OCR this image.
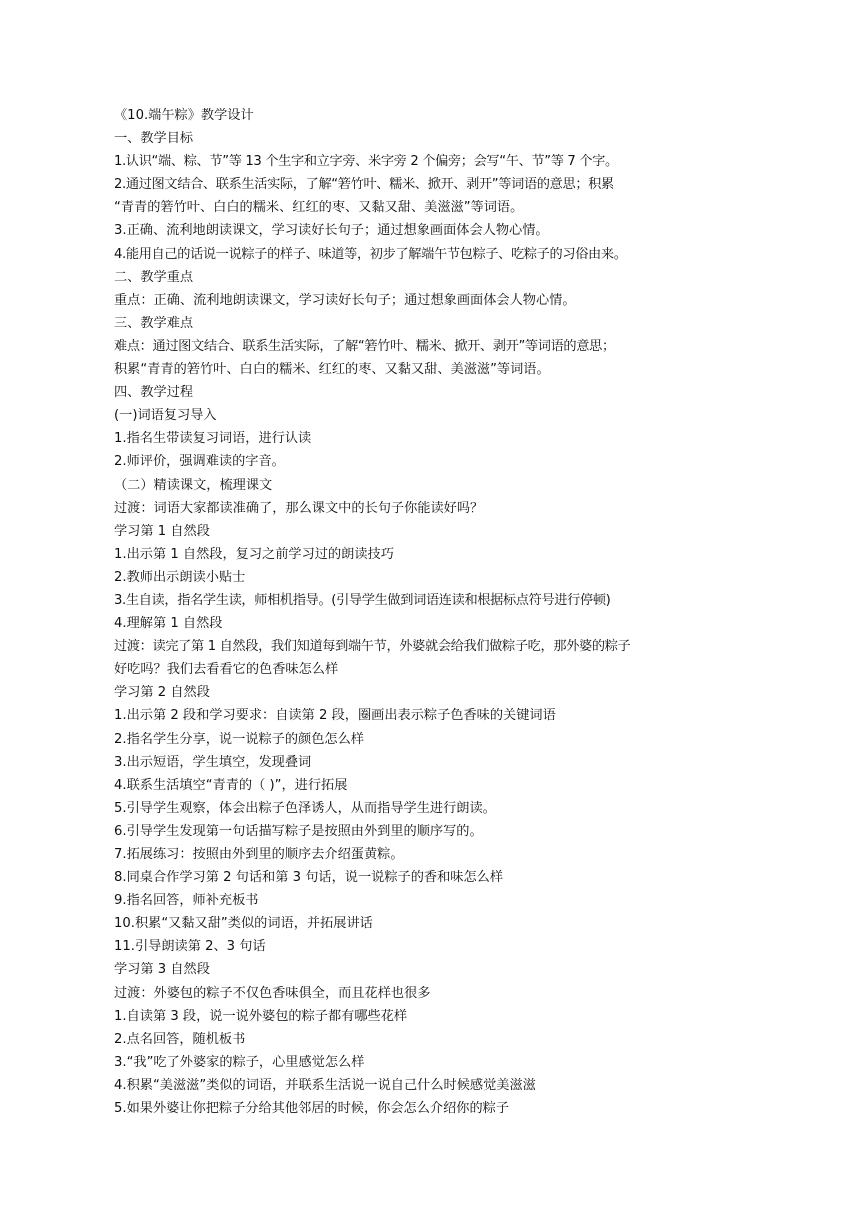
《10.端午粽》教学设计
一、教学目标
1.认识“端、粽、节”等 13 个生字和立字旁、米字旁 2 个偏旁；会写“午、节”等 7 个字。
2.通过图文结合、联系生活实际，了解“箬竹叶、糯米、掀开、剥开”等词语的意思；积累
“青青的箬竹叶、白白的糯米、红红的枣、又黏又甜、美滋滋”等词语。
3.正确、流利地朗读课文，学习读好长句子；通过想象画面体会人物心情。
4.能用自己的话说一说粽子的样子、味道等，初步了解端午节包粽子、吃粽子的习俗由来。
二、教学重点
重点：正确、流利地朗读课文，学习读好长句子；通过想象画面体会人物心情。
三、教学难点
难点：通过图文结合、联系生活实际，了解“箬竹叶、糯米、掀开、剥开”等词语的意思；
积累“青青的箬竹叶、白白的糯米、红红的枣、又黏又甜、美滋滋”等词语。
四、教学过程
(一)词语复习导入
1.指名生带读复习词语，进行认读
2.师评价，强调难读的字音。
（二）精读课文，梳理课文
过渡：词语大家都读准确了，那么课文中的长句子你能读好吗？
学习第 1 自然段
1.出示第 1 自然段，复习之前学习过的朗读技巧
2.教师出示朗读小贴士
3.生自读，指名学生读，师相机指导。(引导学生做到词语连读和根据标点符号进行停顿)
4.理解第 1 自然段
过渡：读完了第 1 自然段，我们知道每到端午节，外婆就会给我们做粽子吃，那外婆的粽子
好吃吗？我们去看看它的色香味怎么样
学习第 2 自然段
1.出示第 2 段和学习要求：自读第 2 段，圈画出表示粽子色香味的关键词语
2.指名学生分享，说一说粽子的颜色怎么样
3.出示短语，学生填空，发现叠词
4.联系生活填空“青青的（ )”，进行拓展
5.引导学生观察，体会出粽子色泽诱人，从而指导学生进行朗读。
6.引导学生发现第一句话描写粽子是按照由外到里的顺序写的。
7.拓展练习：按照由外到里的顺序去介绍蛋黄粽。
8.同桌合作学习第 2 句话和第 3 句话，说一说粽子的香和味怎么样
9.指名回答，师补充板书
10.积累“又黏又甜”类似的词语，并拓展讲话
11.引导朗读第 2、3 句话
学习第 3 自然段
过渡：外婆包的粽子不仅色香味俱全，而且花样也很多
1.自读第 3 段，说一说外婆包的粽子都有哪些花样
2.点名回答，随机板书
3.“我”吃了外婆家的粽子，心里感觉怎么样
4.积累“美滋滋”类似的词语，并联系生活说一说自己什么时候感觉美滋滋
5.如果外婆让你把粽子分给其他邻居的时候，你会怎么介绍你的粽子
